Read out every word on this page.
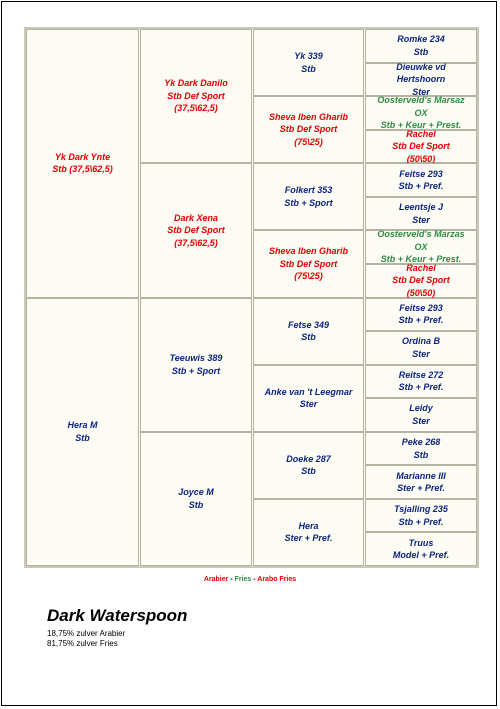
Yk Dark Ynte
Stb (37,5\62,5)
Hera M
Stb
Yk Dark Danilo
Stb Def Sport
(37,5\62,5)
Dark Xena
Stb Def Sport
(37,5\62,5)
Teeuwis 389
Stb + Sport
Joyce M
Stb
Yk 339
Stb
Sheva Iben Gharib
Stb Def Sport
(75\25)
Folkert 353
Stb + Sport
Sheva Iben Gharib
Stb Def Sport
(75\25)
Fetse 349
Stb
Anke van 't Leegmar
Ster
Doeke 287
Stb
Hera
Ster + Pref.
Romke 234
Stb
Dieuwke vd
Hertshoorn
Ster
Oosterveld's Marsaz
OX
Stb + Keur + Prest.
Rachel
Stb Def Sport
(50\50)
Feitse 293
Stb + Pref.
Leentsje J
Ster
Oosterveld's Marzas
OX
Stb + Keur + Prest.
Rachel
Stb Def Sport
(50\50)
Feitse 293
Stb + Pref.
Ordina B
Ster
Reitse 272
Stb + Pref.
Leidy
Ster
Peke 268
Stb
Marianne III
Ster + Pref.
Tsjalling 235
Stb + Pref.
Truus
Model + Pref.
Arabier - Fries - Arabo Fries
Dark Waterspoon
18,75% zulver Arabier
81,75% zulver Fries
